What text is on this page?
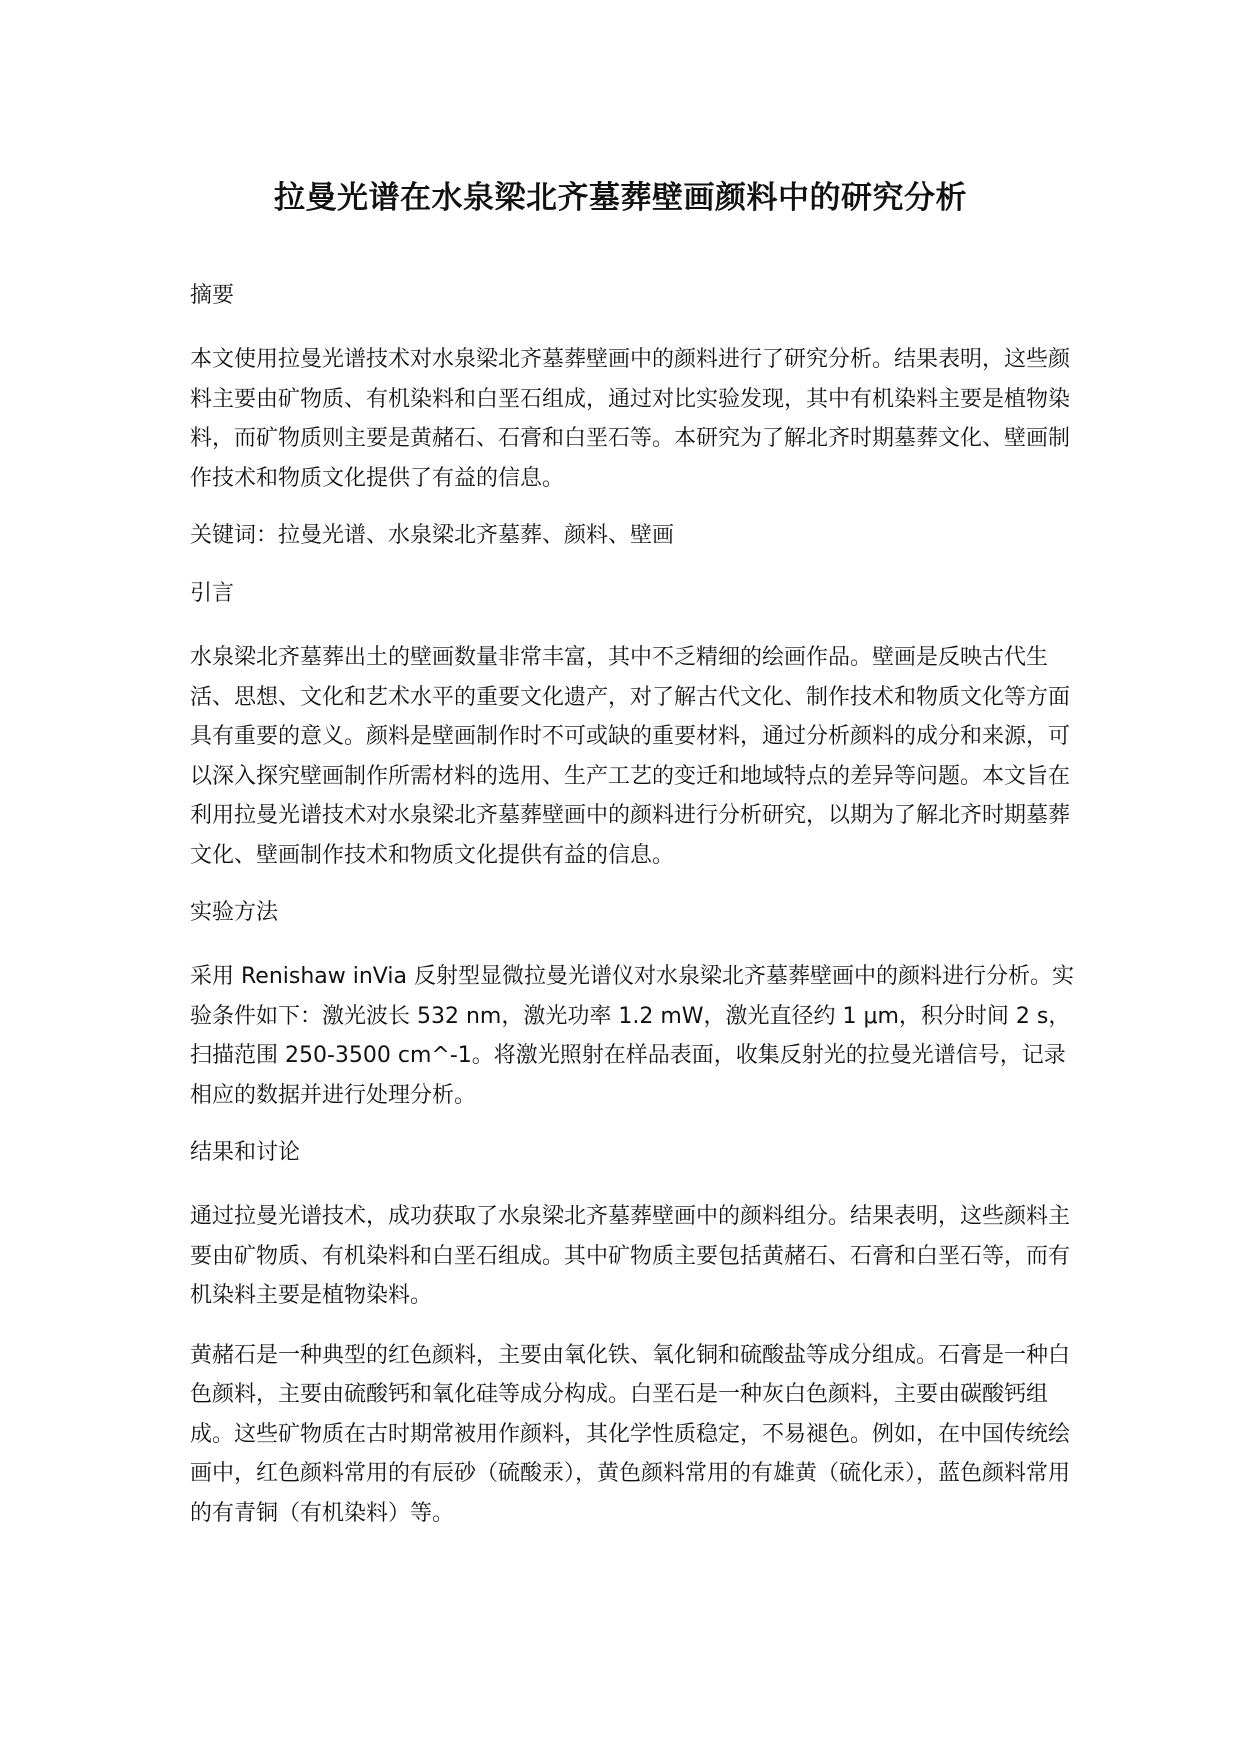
拉曼光谱在水泉梁北齐墓葬壁画颜料中的研究分析
摘要
本文使用拉曼光谱技术对水泉梁北齐墓葬壁画中的颜料进行了研究分析。结果表明，这些颜料主要由矿物质、有机染料和白垩石组成，通过对比实验发现，其中有机染料主要是植物染料，而矿物质则主要是黄赭石、石膏和白垩石等。本研究为了解北齐时期墓葬文化、壁画制作技术和物质文化提供了有益的信息。
关键词：拉曼光谱、水泉梁北齐墓葬、颜料、壁画
引言
水泉梁北齐墓葬出土的壁画数量非常丰富，其中不乏精细的绘画作品。壁画是反映古代生活、思想、文化和艺术水平的重要文化遗产，对了解古代文化、制作技术和物质文化等方面具有重要的意义。颜料是壁画制作时不可或缺的重要材料，通过分析颜料的成分和来源，可以深入探究壁画制作所需材料的选用、生产工艺的变迁和地域特点的差异等问题。本文旨在利用拉曼光谱技术对水泉梁北齐墓葬壁画中的颜料进行分析研究，以期为了解北齐时期墓葬文化、壁画制作技术和物质文化提供有益的信息。
实验方法
采用 Renishaw inVia 反射型显微拉曼光谱仪对水泉梁北齐墓葬壁画中的颜料进行分析。实验条件如下：激光波长 532 nm，激光功率 1.2 mW，激光直径约 1 μm，积分时间 2 s，扫描范围 250-3500 cm^-1。将激光照射在样品表面，收集反射光的拉曼光谱信号，记录相应的数据并进行处理分析。
结果和讨论
通过拉曼光谱技术，成功获取了水泉梁北齐墓葬壁画中的颜料组分。结果表明，这些颜料主要由矿物质、有机染料和白垩石组成。其中矿物质主要包括黄赭石、石膏和白垩石等，而有机染料主要是植物染料。
黄赭石是一种典型的红色颜料，主要由氧化铁、氧化铜和硫酸盐等成分组成。石膏是一种白色颜料，主要由硫酸钙和氧化硅等成分构成。白垩石是一种灰白色颜料，主要由碳酸钙组成。这些矿物质在古时期常被用作颜料，其化学性质稳定，不易褪色。例如，在中国传统绘画中，红色颜料常用的有辰砂（硫酸汞），黄色颜料常用的有雄黄（硫化汞），蓝色颜料常用的有青铜（有机染料）等。
